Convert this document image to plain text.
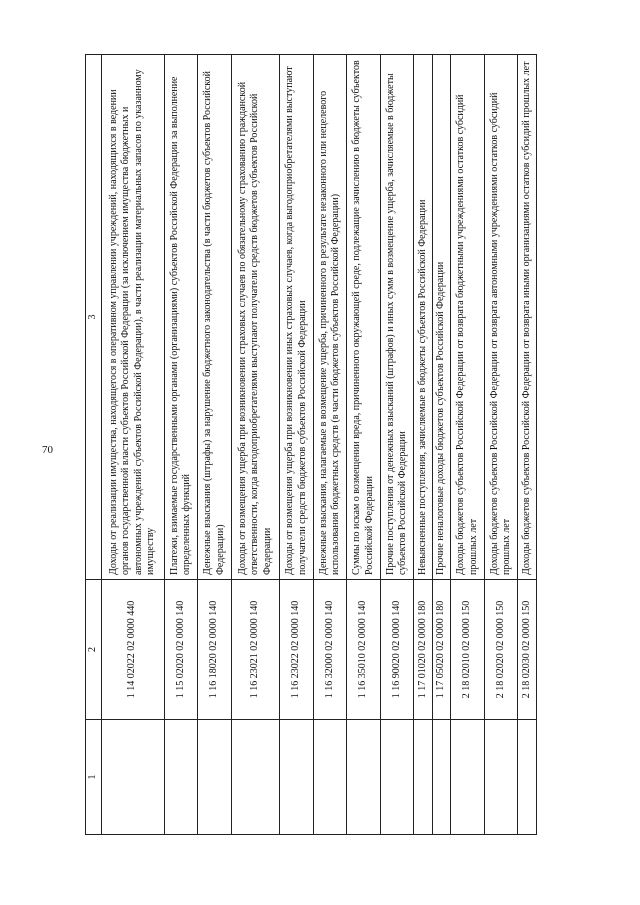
70
1	2	3
	1 14 02022 02 0000 440	Доходы от реализации имущества, находящегося в оперативном управлении учреждений, находящихся в ведении органов государственной власти субъектов Российской Федерации (за исключением имущества бюджетных и автономных учреждений субъектов Российской Федерации), в части реализации материальных запасов по указанному имуществу
	1 15 02020 02 0000 140	Платежи, взимаемые государственными органами (организациями) субъектов Российской Федерации за выполнение определенных функций
	1 16 18020 02 0000 140	Денежные взыскания (штрафы) за нарушение бюджетного законодательства (в части бюджетов субъектов Российской Федерации)
	1 16 23021 02 0000 140	Доходы от возмещения ущерба при возникновении страховых случаев по обязательному страхованию гражданской ответственности, когда выгодоприобретателями выступают получатели средств бюджетов субъектов Российской Федерации
	1 16 23022 02 0000 140	Доходы от возмещения ущерба при возникновении иных страховых случаев, когда выгодоприобретателями выступают получатели средств бюджетов субъектов Российской Федерации
	1 16 32000 02 0000 140	Денежные взыскания, налагаемые в возмещение ущерба, причиненного в результате незаконного или нецелевого использования бюджетных средств (в части бюджетов субъектов Российской Федерации)
	1 16 35010 02 0000 140	Суммы по искам о возмещении вреда, причиненного окружающей среде, подлежащие зачислению в бюджеты субъектов Российской Федерации
	1 16 90020 02 0000 140	Прочие поступления от денежных взысканий (штрафов) и иных сумм в возмещение ущерба, зачисляемые в бюджеты субъектов Российской Федерации
	1 17 01020 02 0000 180	Невыясненные поступления, зачисляемые в бюджеты субъектов Российской Федерации
	1 17 05020 02 0000 180	Прочие неналоговые доходы бюджетов субъектов Российской Федерации
	2 18 02010 02 0000 150	Доходы бюджетов субъектов Российской Федерации от возврата бюджетными учреждениями остатков субсидий прошлых лет
	2 18 02020 02 0000 150	Доходы бюджетов субъектов Российской Федерации от возврата автономными учреждениями остатков субсидий прошлых лет
	2 18 02030 02 0000 150	Доходы бюджетов субъектов Российской Федерации от возврата иными организациями остатков субсидий прошлых лет
